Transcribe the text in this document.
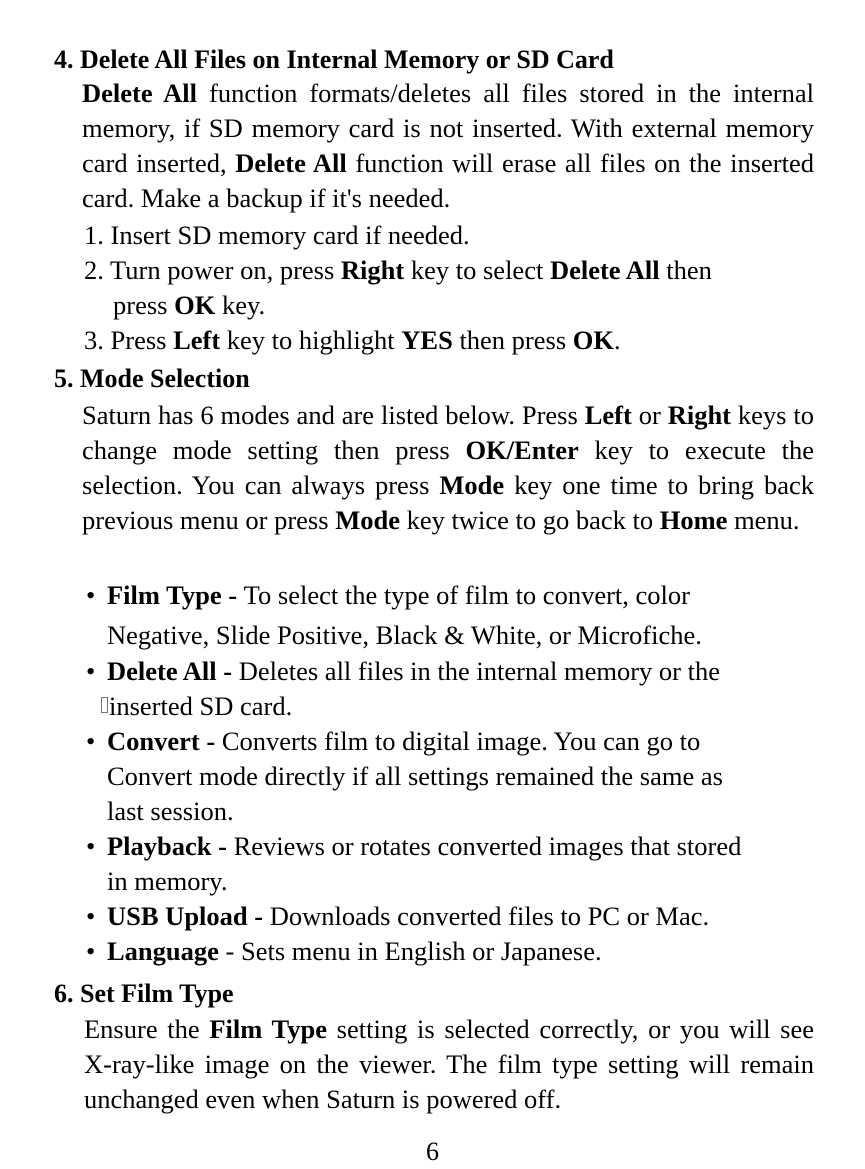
4. Delete All Files on Internal Memory or SD Card
Delete All function formats/deletes all files stored in the internal memory, if SD memory card is not inserted. With external memory card inserted, Delete All function will erase all files on the inserted card. Make a backup if it's needed.
1. Insert SD memory card if needed.
2. Turn power on, press Right key to select Delete All then
press OK key.
3. Press Left key to highlight YES then press OK.
5. Mode Selection
Saturn has 6 modes and are listed below. Press Left or Right keys to change mode setting then press OK/Enter key to execute the selection. You can always press Mode key one time to bring back previous menu or press Mode key twice to go back to Home menu.
• Film Type - To select the type of film to convert, color
Negative, Slide Positive, Black & White, or Microfiche.
• Delete All - Deletes all files in the internal memory or the
inserted SD card.
• Convert - Converts film to digital image. You can go to
Convert mode directly if all settings remained the same as
last session.
• Playback - Reviews or rotates converted images that stored
in memory.
• USB Upload - Downloads converted files to PC or Mac.
• Language - Sets menu in English or Japanese.
6. Set Film Type
Ensure the Film Type setting is selected correctly, or you will see X-ray-like image on the viewer. The film type setting will remain unchanged even when Saturn is powered off.
6
